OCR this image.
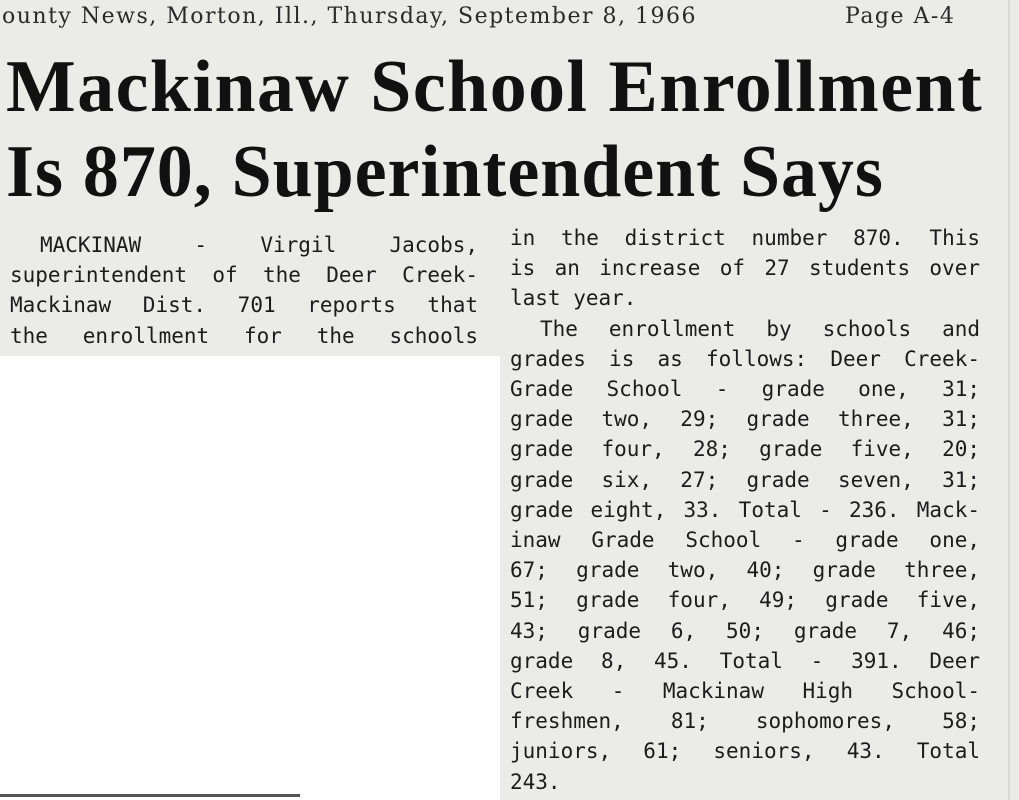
ounty News, Morton, Ill., Thursday, September 8, 1966	Page A-4
Mackinaw School Enrollment
Is 870, Superintendent Says
MACKINAW - Virgil Jacobs,
superintendent of the Deer Creek-
Mackinaw Dist. 701 reports that
the enrollment for the schools
in the district number 870. This
is an increase of 27 students over
last year.
The enrollment by schools and
grades is as follows: Deer Creek-
Grade School - grade one, 31;
grade two, 29; grade three, 31;
grade four, 28; grade five, 20;
grade six, 27; grade seven, 31;
grade eight, 33. Total - 236. Mack-
inaw Grade School - grade one,
67; grade two, 40; grade three,
51; grade four, 49; grade five,
43; grade 6, 50; grade 7, 46;
grade 8, 45. Total - 391. Deer
Creek - Mackinaw High School-
freshmen, 81; sophomores, 58;
juniors, 61; seniors, 43. Total
243.
